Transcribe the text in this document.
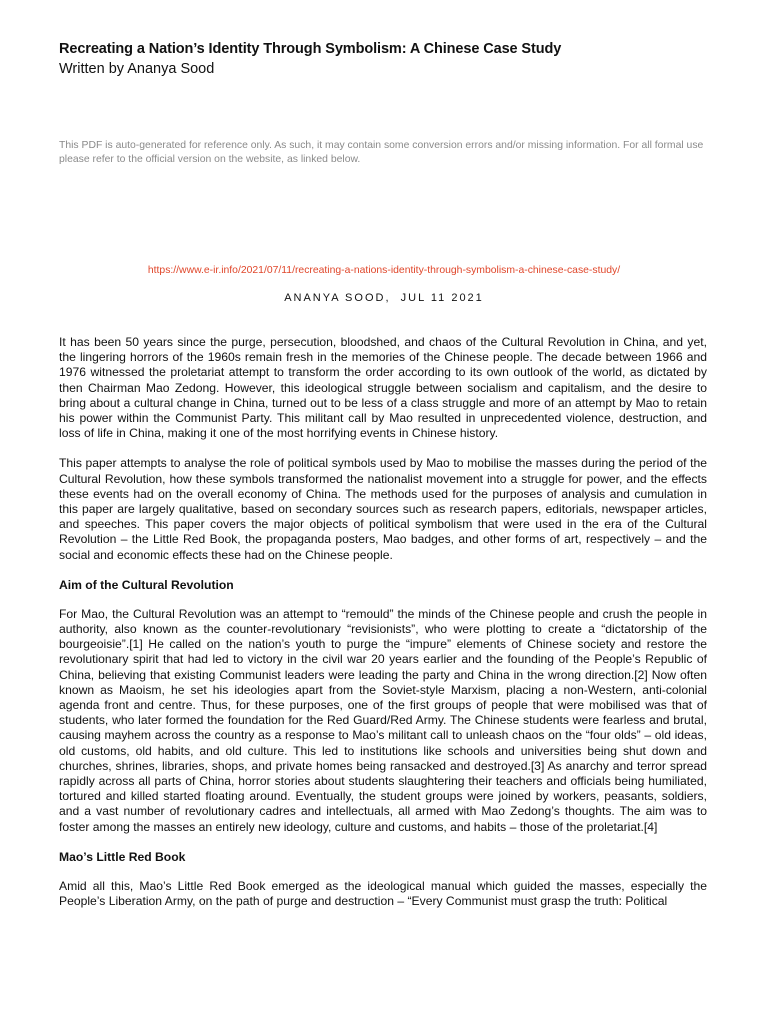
Recreating a Nation’s Identity Through Symbolism: A Chinese Case Study
Written by Ananya Sood
This PDF is auto-generated for reference only. As such, it may contain some conversion errors and/or missing information. For all formal use please refer to the official version on the website, as linked below.
https://www.e-ir.info/2021/07/11/recreating-a-nations-identity-through-symbolism-a-chinese-case-study/
ANANYA SOOD, JUL 11 2021

It has been 50 years since the purge, persecution, bloodshed, and chaos of the Cultural Revolution in China, and yet, the lingering horrors of the 1960s remain fresh in the memories of the Chinese people. The decade between 1966 and 1976 witnessed the proletariat attempt to transform the order according to its own outlook of the world, as dictated by then Chairman Mao Zedong. However, this ideological struggle between socialism and capitalism, and the desire to bring about a cultural change in China, turned out to be less of a class struggle and more of an attempt by Mao to retain his power within the Communist Party. This militant call by Mao resulted in unprecedented violence, destruction, and loss of life in China, making it one of the most horrifying events in Chinese history.

This paper attempts to analyse the role of political symbols used by Mao to mobilise the masses during the period of the Cultural Revolution, how these symbols transformed the nationalist movement into a struggle for power, and the effects these events had on the overall economy of China. The methods used for the purposes of analysis and cumulation in this paper are largely qualitative, based on secondary sources such as research papers, editorials, newspaper articles, and speeches. This paper covers the major objects of political symbolism that were used in the era of the Cultural Revolution – the Little Red Book, the propaganda posters, Mao badges, and other forms of art, respectively – and the social and economic effects these had on the Chinese people.

Aim of the Cultural Revolution

For Mao, the Cultural Revolution was an attempt to “remould” the minds of the Chinese people and crush the people in authority, also known as the counter-revolutionary “revisionists”, who were plotting to create a “dictatorship of the bourgeoisie”.[1] He called on the nation’s youth to purge the “impure” elements of Chinese society and restore the revolutionary spirit that had led to victory in the civil war 20 years earlier and the founding of the People’s Republic of China, believing that existing Communist leaders were leading the party and China in the wrong direction.[2] Now often known as Maoism, he set his ideologies apart from the Soviet-style Marxism, placing a non-Western, anti-colonial agenda front and centre. Thus, for these purposes, one of the first groups of people that were mobilised was that of students, who later formed the foundation for the Red Guard/Red Army. The Chinese students were fearless and brutal, causing mayhem across the country as a response to Mao’s militant call to unleash chaos on the “four olds” – old ideas, old customs, old habits, and old culture. This led to institutions like schools and universities being shut down and churches, shrines, libraries, shops, and private homes being ransacked and destroyed.[3] As anarchy and terror spread rapidly across all parts of China, horror stories about students slaughtering their teachers and officials being humiliated, tortured and killed started floating around. Eventually, the student groups were joined by workers, peasants, soldiers, and a vast number of revolutionary cadres and intellectuals, all armed with Mao Zedong’s thoughts. The aim was to foster among the masses an entirely new ideology, culture and customs, and habits – those of the proletariat.[4]

Mao’s Little Red Book

Amid all this, Mao’s Little Red Book emerged as the ideological manual which guided the masses, especially the People’s Liberation Army, on the path of purge and destruction – “Every Communist must grasp the truth: Political
